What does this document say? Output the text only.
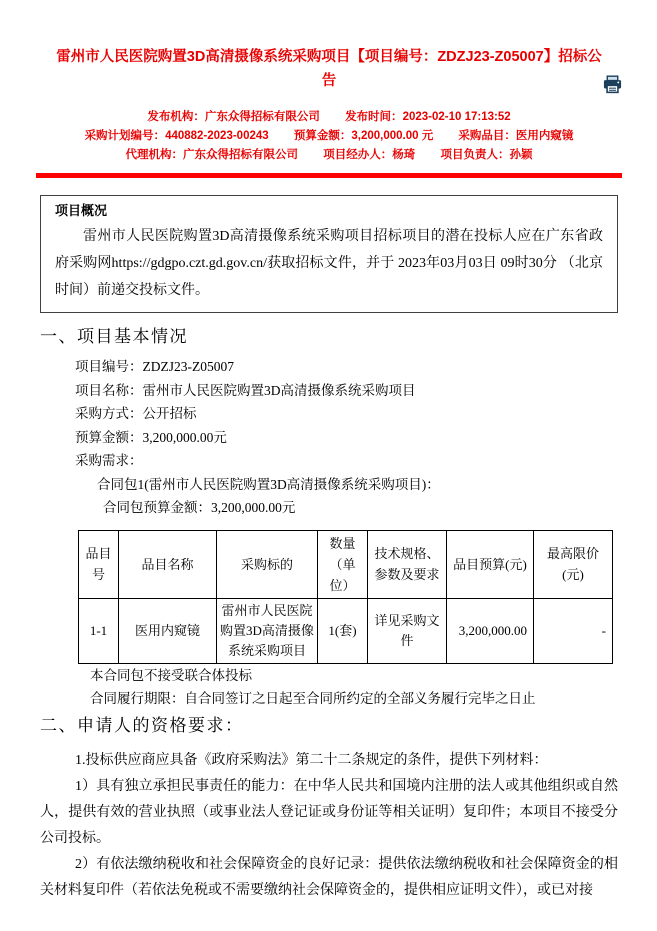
雷州市人民医院购置3D高清摄像系统采购项目【项目编号：ZDZJ23-Z05007】招标公
告
发布机构：广东众得招标有限公司 发布时间：2023-02-10 17:13:52
采购计划编号：440882-2023-00243 预算金额：3,200,000.00 元 采购品目：医用内窥镜
代理机构：广东众得招标有限公司 项目经办人：杨琦 项目负责人：孙颖
项目概况

雷州市人民医院购置3D高清摄像系统采购项目招标项目的潜在投标人应在广东省政府采购网https://gdgpo.czt.gd.gov.cn/获取招标文件，并于 2023年03月03日 09时30分 （北京时间）前递交投标文件。

一、项目基本情况
项目编号：ZDZJ23-Z05007
项目名称：雷州市人民医院购置3D高清摄像系统采购项目
采购方式：公开招标
预算金额：3,200,000.00元
采购需求：
合同包1(雷州市人民医院购置3D高清摄像系统采购项目)：
合同包预算金额：3,200,000.00元
品目号	品目名称	采购标的	数量（单位）	技术规格、参数及要求	品目预算(元)	最高限价(元)
1-1	医用内窥镜	雷州市人民医院购置3D高清摄像系统采购项目	1(套)	详见采购文件	3,200,000.00	-
本合同包不接受联合体投标
合同履行期限：自合同签订之日起至合同所约定的全部义务履行完毕之日止
二、申请人的资格要求：

1.投标供应商应具备《政府采购法》第二十二条规定的条件，提供下列材料：

1）具有独立承担民事责任的能力：在中华人民共和国境内注册的法人或其他组织或自然人，提供有效的营业执照（或事业法人登记证或身份证等相关证明）复印件；本项目不接受分公司投标。

2）有依法缴纳税收和社会保障资金的良好记录：提供依法缴纳税收和社会保障资金的相关材料复印件（若依法免税或不需要缴纳社会保障资金的，提供相应证明文件），或已对接
